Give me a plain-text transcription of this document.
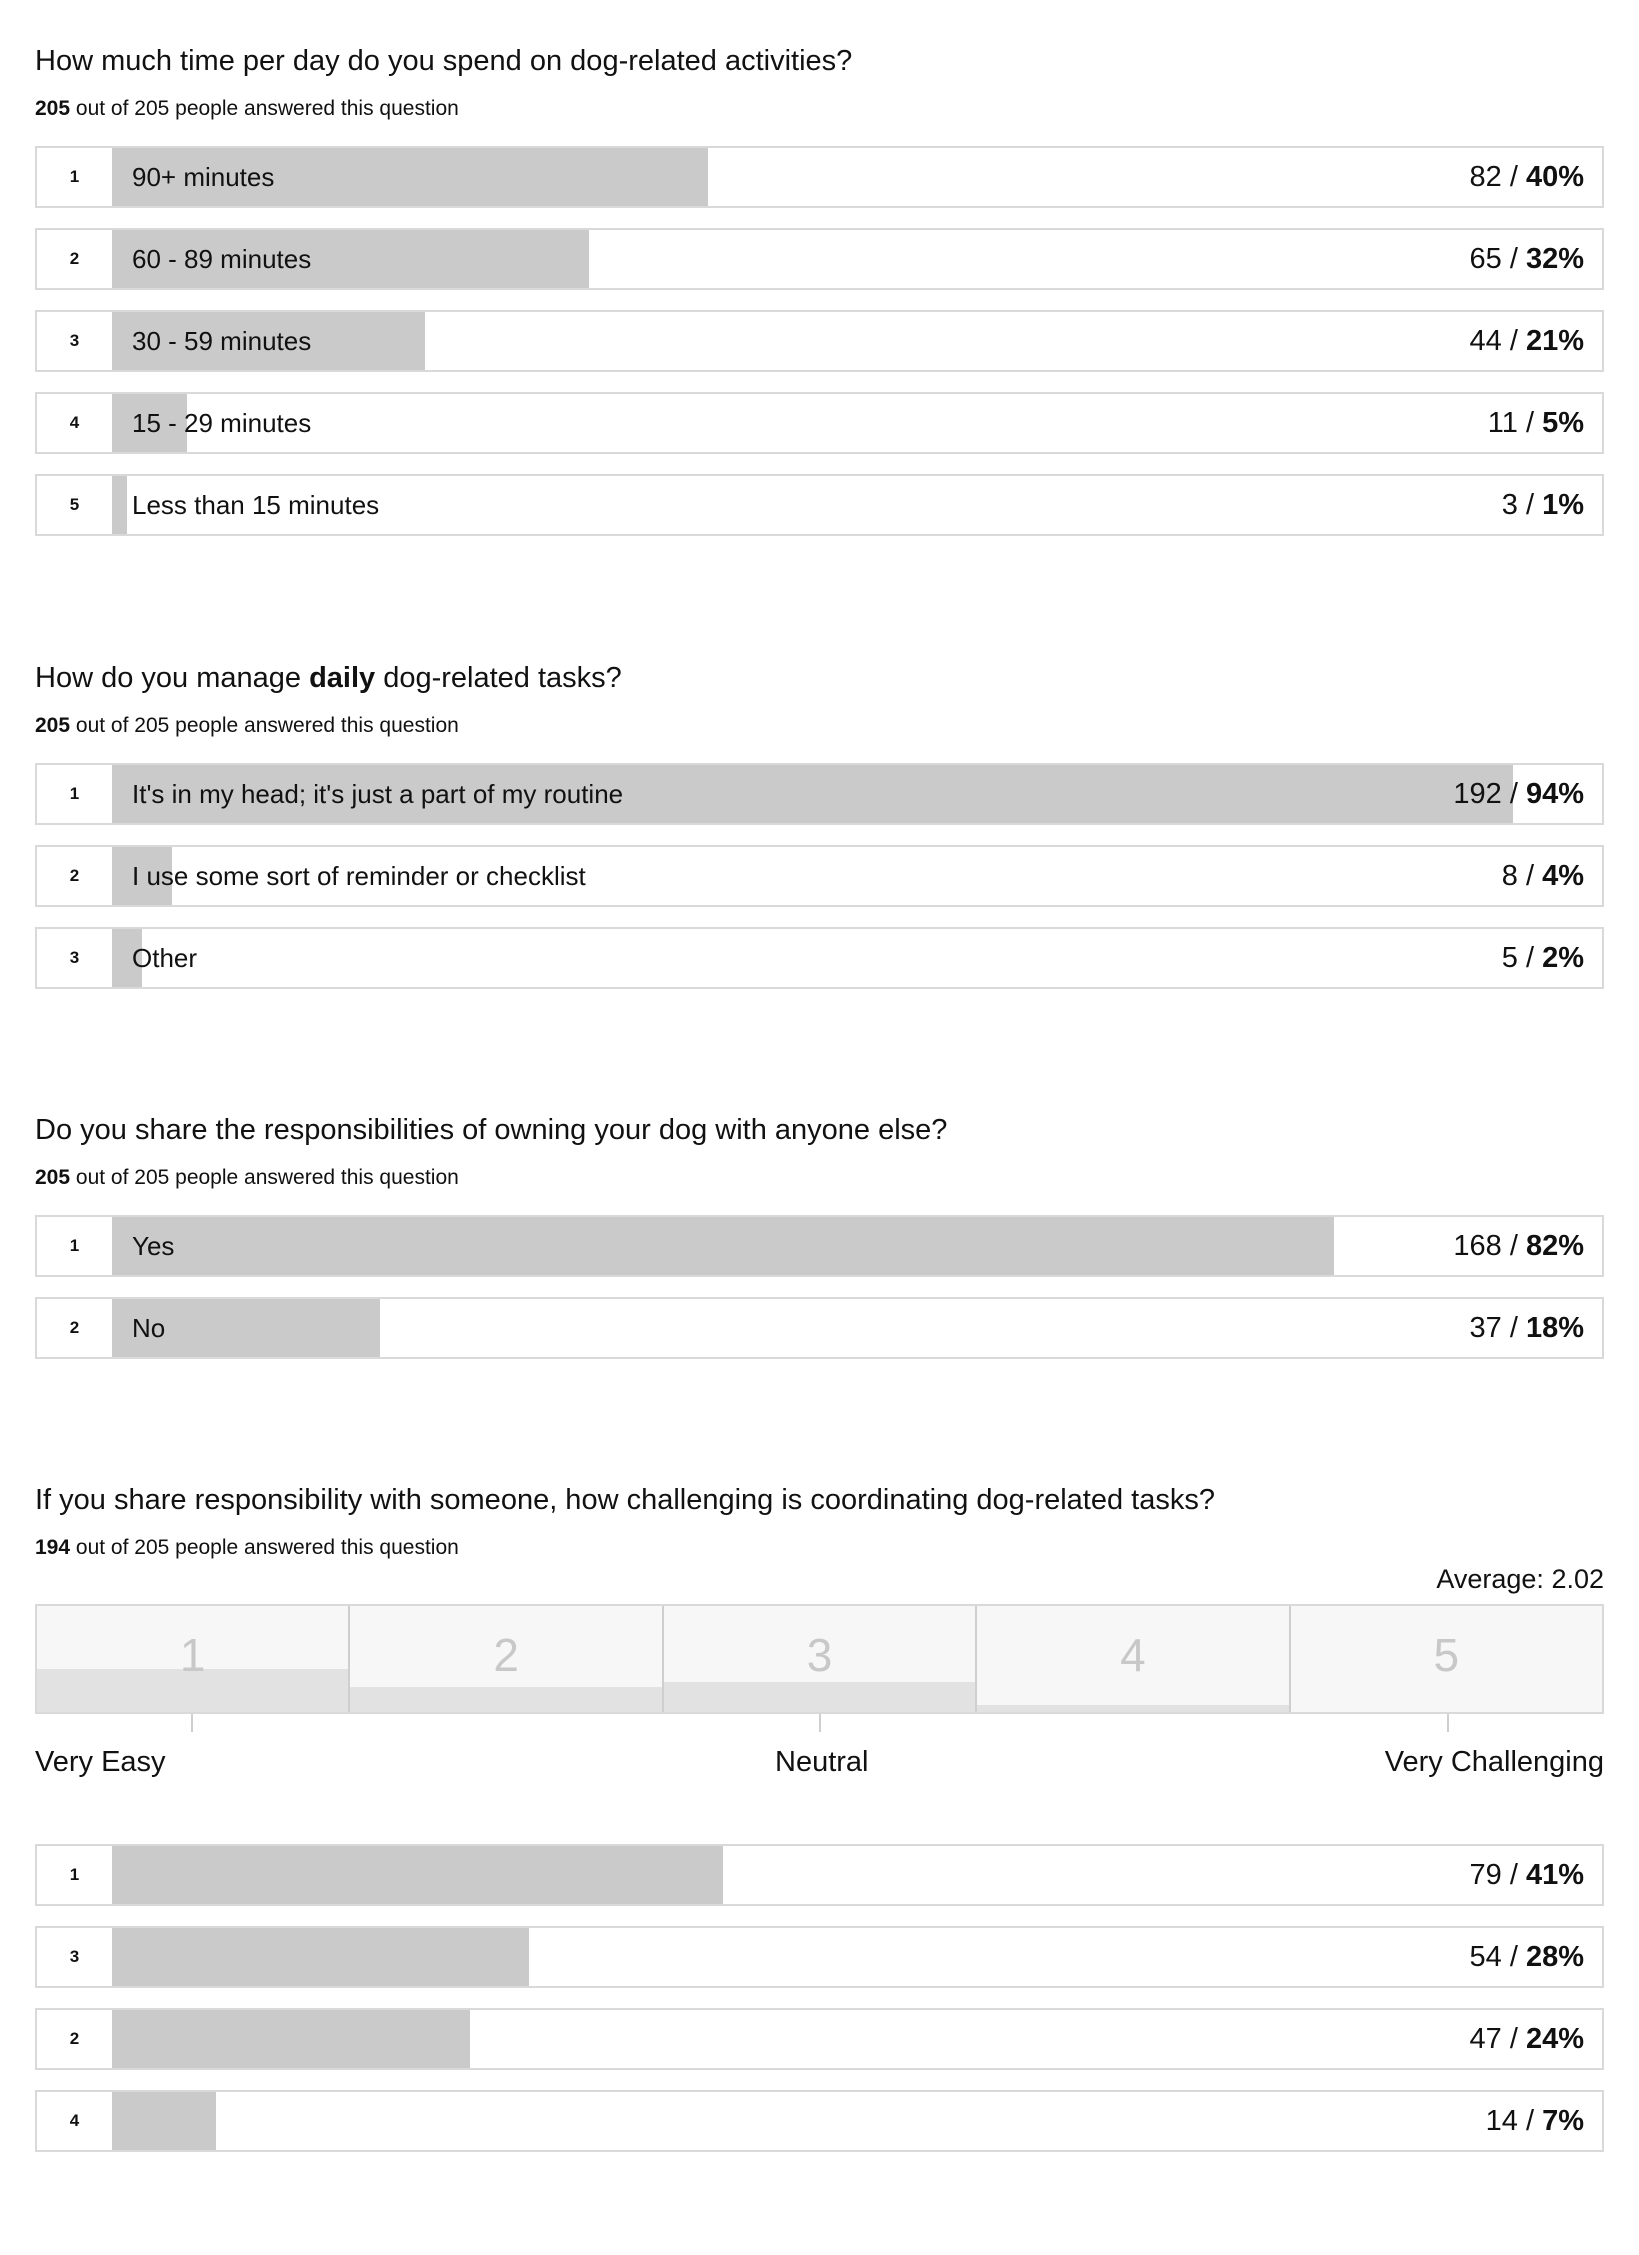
How much time per day do you spend on dog-related activities?
205 out of 205 people answered this question
1	90+ minutes	82 / 40%
2	60 - 89 minutes	65 / 32%
3	30 - 59 minutes	44 / 21%
4	15 - 29 minutes	11 / 5%
5	Less than 15 minutes	3 / 1%
How do you manage daily dog-related tasks?
205 out of 205 people answered this question
1	It's in my head; it's just a part of my routine	192 / 94%
2	I use some sort of reminder or checklist	8 / 4%
3	Other	5 / 2%
Do you share the responsibilities of owning your dog with anyone else?
205 out of 205 people answered this question
1	Yes	168 / 82%
2	No	37 / 18%
If you share responsibility with someone, how challenging is coordinating dog-related tasks?
194 out of 205 people answered this question
Average: 2.02
1	2	3	4	5
Very Easy	Neutral	Very Challenging
1	79 / 41%
3	54 / 28%
2	47 / 24%
4	14 / 7%
